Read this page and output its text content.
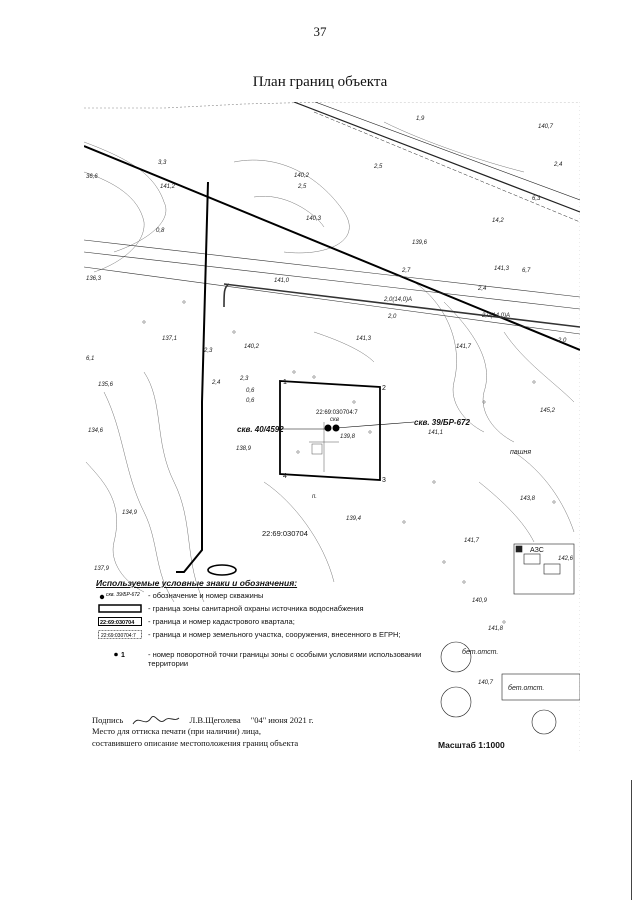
37
План границ объекта
1
2
3
4
скв
скв. 40/4592
скв. 39/БР-672
22:69:030704:7
22:69:030704
АЗС
бет.отст.
бет.отст.
пашня
п.
2,0(14,0)А
2,0(14,0)А
140,7
1,9
141,2
140,2
140,3
139,6
141,3
141,0
140,2
141,3
141,7
138,9
135,6
134,6
134,9
139,8
141,1
145,2
143,8
139,4
141,7
140,9
141,8
140,7
142,6
137,9
2,7
2,4
2,0
2,0
6,7
2,5	2,4
6,3
3,3
0,8
2,3
0,6
0,6
2,3
2,4
36,6
136,3
137,1
6,1
2,5
14,2
Используемые условные знаки и обозначения:
скв. 39/БР-672 - обозначение и номер скважины
- граница зоны санитарной охраны источника водоснабжения
22:69:030704 - граница и номер кадастрового квартала;
22:69:030704:7 - граница и номер земельного участка, сооружения, внесенного в ЕГРН;
1	- номер поворотной точки границы зоны с особыми условиями использовании территории
Подпись	Л.В.Щеголева "04" июня 2021 г.
Место для оттиска печати (при наличии) лица,
составившего описание местоположения границ объекта	Масштаб 1:1000
